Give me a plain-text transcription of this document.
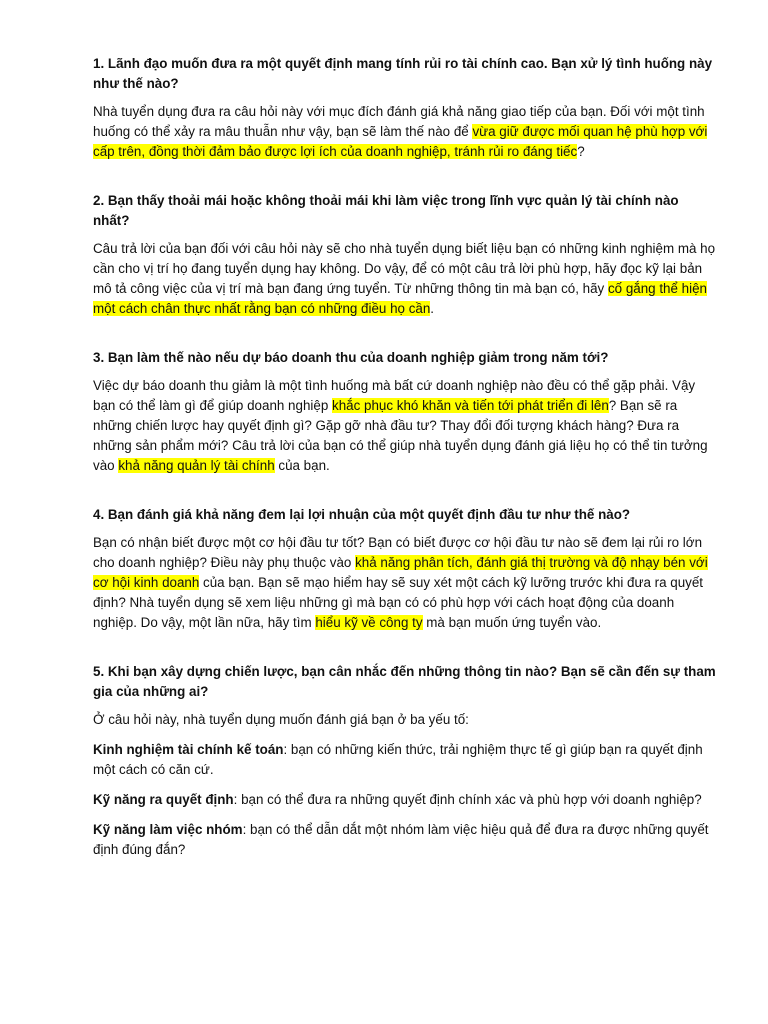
1. Lãnh đạo muốn đưa ra một quyết định mang tính rủi ro tài chính cao. Bạn xử lý tình huống này như thế nào?
Nhà tuyển dụng đưa ra câu hỏi này với mục đích đánh giá khả năng giao tiếp của bạn. Đối với một tình huống có thể xảy ra mâu thuẫn như vậy, bạn sẽ làm thế nào để vừa giữ được mối quan hệ phù hợp với cấp trên, đồng thời đảm bảo được lợi ích của doanh nghiệp, tránh rủi ro đáng tiếc?
2. Bạn thấy thoải mái hoặc không thoải mái khi làm việc trong lĩnh vực quản lý tài chính nào nhất?
Câu trả lời của bạn đối với câu hỏi này sẽ cho nhà tuyển dụng biết liệu bạn có những kinh nghiệm mà họ cần cho vị trí họ đang tuyển dụng hay không. Do vậy, để có một câu trả lời phù hợp, hãy đọc kỹ lại bản mô tả công việc của vị trí mà bạn đang ứng tuyển. Từ những thông tin mà bạn có, hãy cố gắng thể hiện một cách chân thực nhất rằng bạn có những điều họ cần.
3. Bạn làm thế nào nếu dự báo doanh thu của doanh nghiệp giảm trong năm tới?
Việc dự báo doanh thu giảm là một tình huống mà bất cứ doanh nghiệp nào đều có thể gặp phải. Vậy bạn có thể làm gì để giúp doanh nghiệp khắc phục khó khăn và tiến tới phát triển đi lên? Bạn sẽ ra những chiến lược hay quyết định gì? Gặp gỡ nhà đầu tư? Thay đổi đối tượng khách hàng? Đưa ra những sản phẩm mới? Câu trả lời của bạn có thể giúp nhà tuyển dụng đánh giá liệu họ có thể tin tưởng vào khả năng quản lý tài chính của bạn.
4. Bạn đánh giá khả năng đem lại lợi nhuận của một quyết định đầu tư như thế nào?
Bạn có nhận biết được một cơ hội đầu tư tốt? Bạn có biết được cơ hội đầu tư nào sẽ đem lại rủi ro lớn cho doanh nghiệp? Điều này phụ thuộc vào khả năng phân tích, đánh giá thị trường và độ nhạy bén với cơ hội kinh doanh của bạn. Bạn sẽ mạo hiểm hay sẽ suy xét một cách kỹ lưỡng trước khi đưa ra quyết định? Nhà tuyển dụng sẽ xem liệu những gì mà bạn có có phù hợp với cách hoạt động của doanh nghiệp. Do vậy, một lần nữa, hãy tìm hiểu kỹ về công ty mà bạn muốn ứng tuyển vào.
5. Khi bạn xây dựng chiến lược, bạn cân nhắc đến những thông tin nào? Bạn sẽ cần đến sự tham gia của những ai?
Ở câu hỏi này, nhà tuyển dụng muốn đánh giá bạn ở ba yếu tố:
Kinh nghiệm tài chính kế toán: bạn có những kiến thức, trải nghiệm thực tế gì giúp bạn ra quyết định một cách có căn cứ.
Kỹ năng ra quyết định: bạn có thể đưa ra những quyết định chính xác và phù hợp với doanh nghiệp?
Kỹ năng làm việc nhóm: bạn có thể dẫn dắt một nhóm làm việc hiệu quả để đưa ra được những quyết định đúng đắn?
